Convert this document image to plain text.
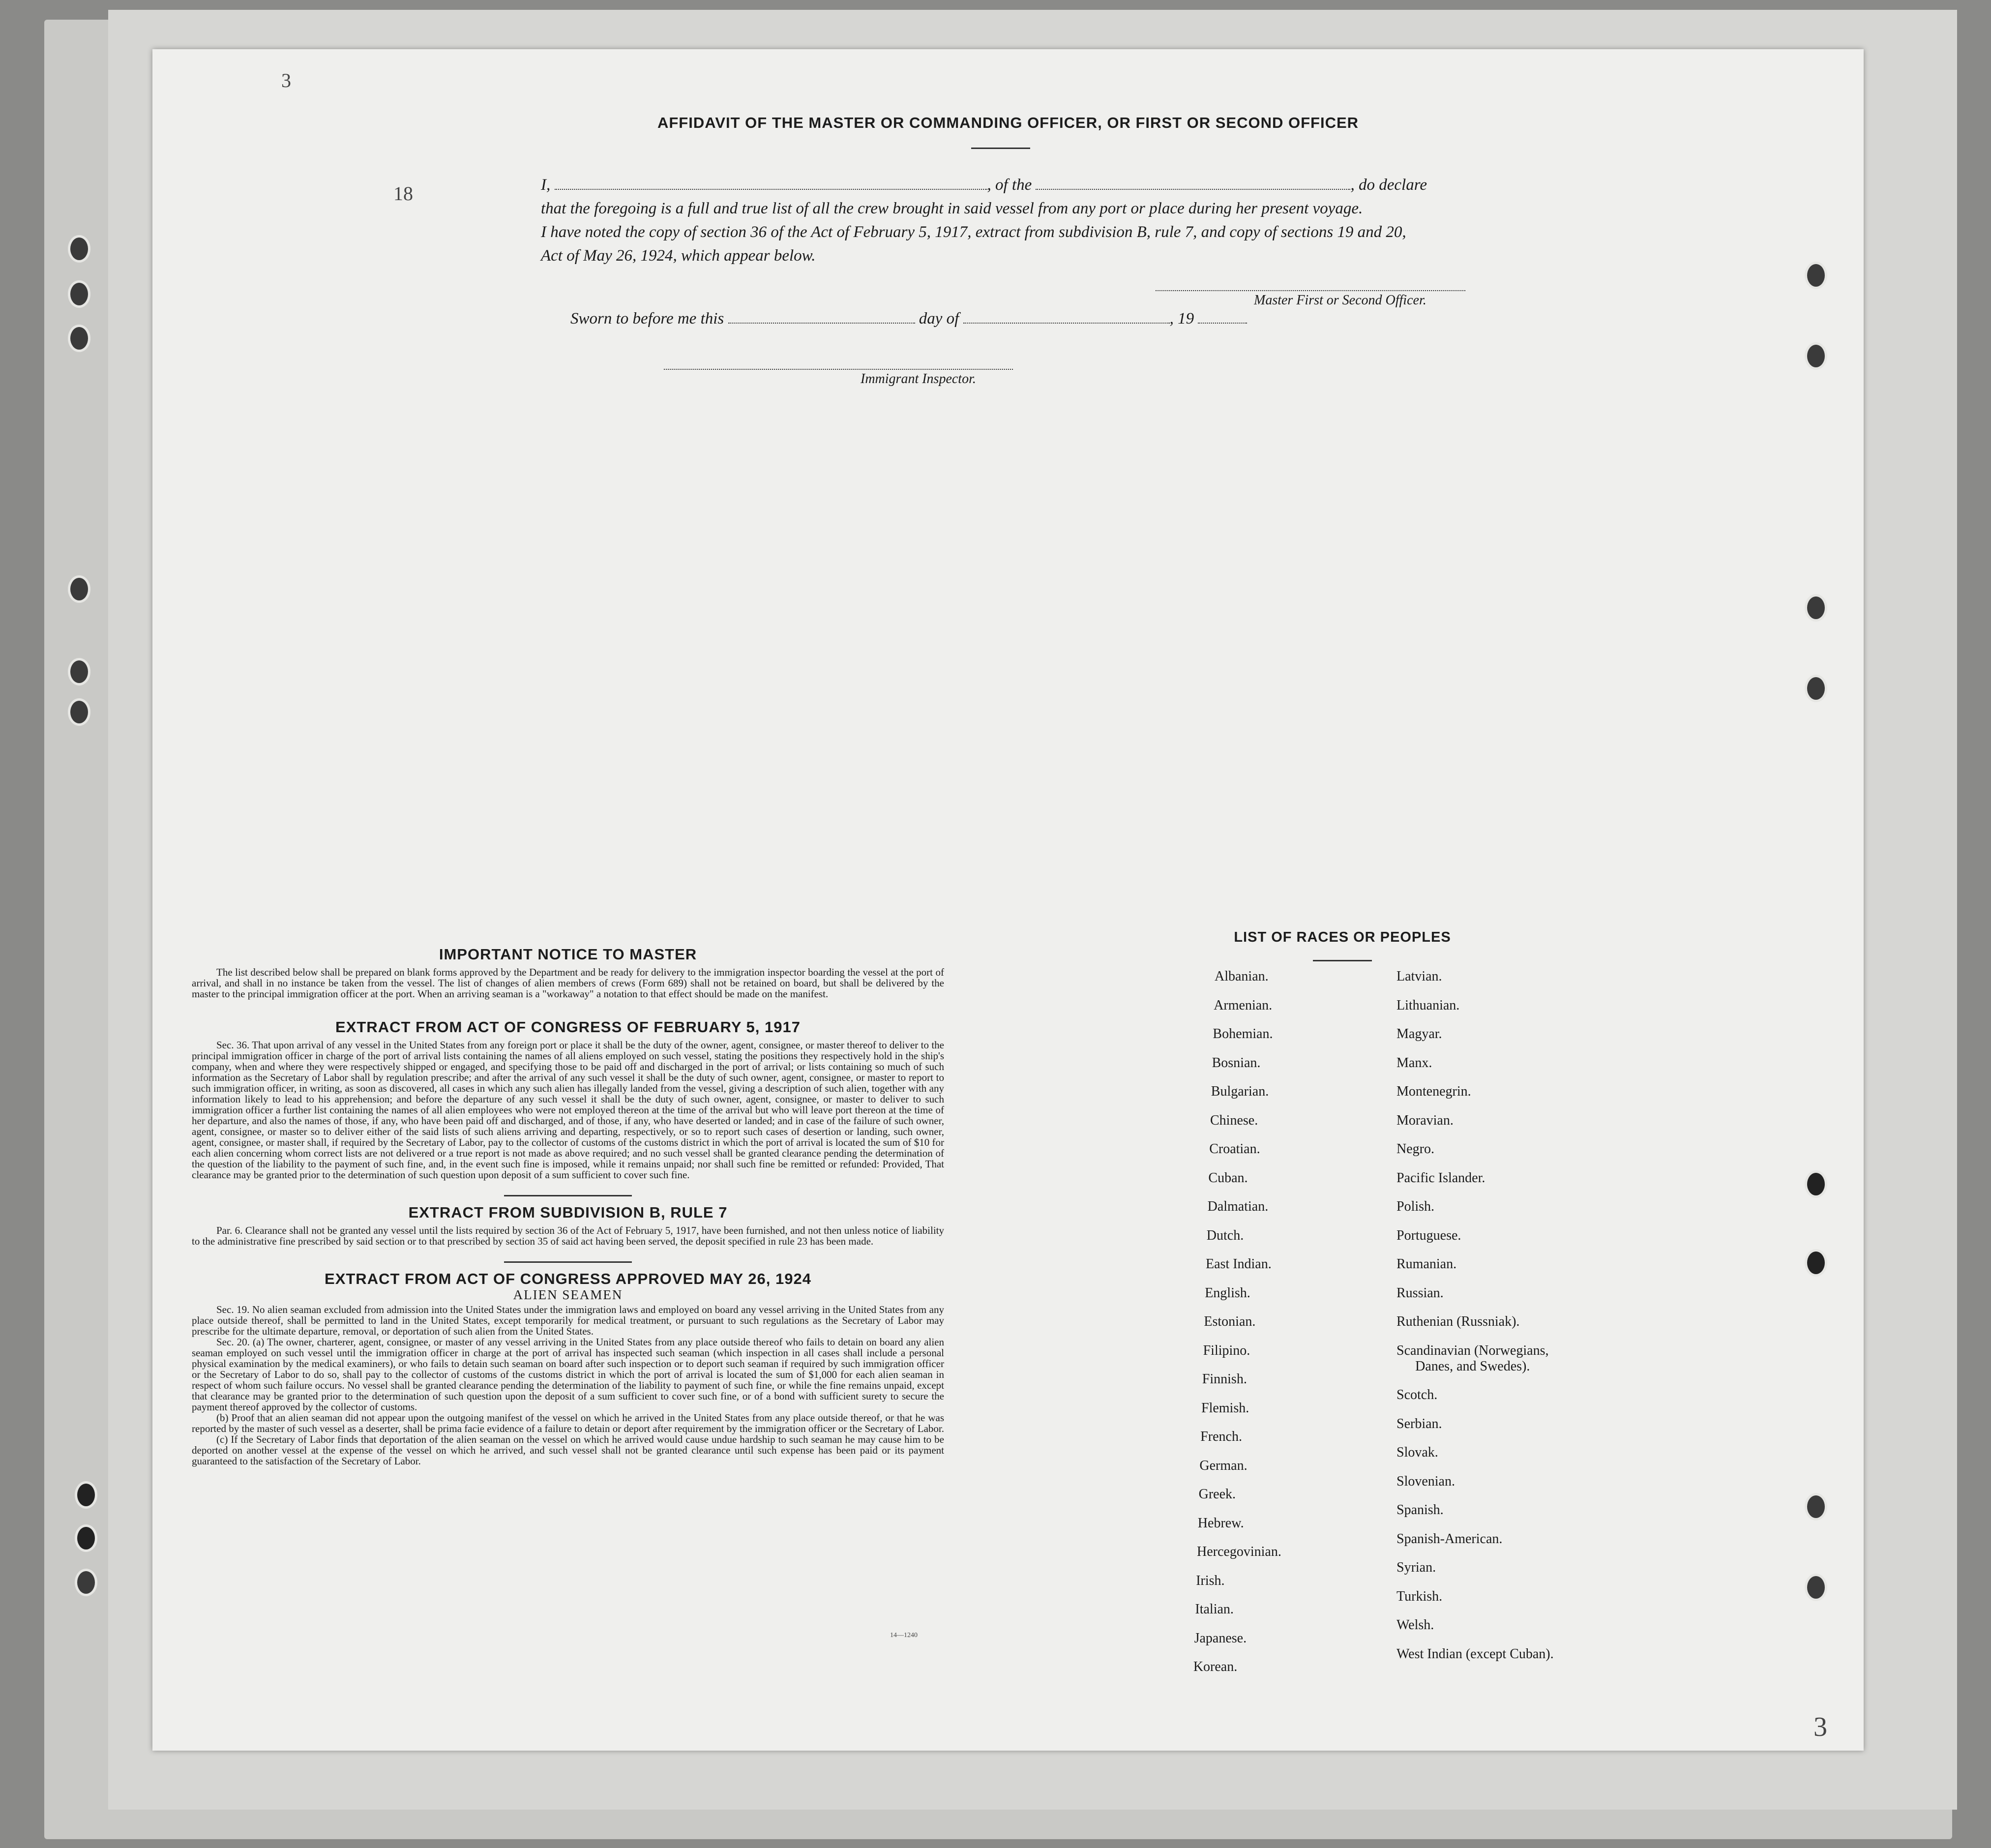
3
18
3
AFFIDAVIT OF THE MASTER OR COMMANDING OFFICER, OR FIRST OR SECOND OFFICER
I,	, of the	, do declare
that the foregoing is a full and true list of all the crew brought in said vessel from any port or place during her present voyage.
I have noted the copy of section 36 of the Act of February 5, 1917, extract from subdivision B, rule 7, and copy of sections 19 and 20,
Act of May 26, 1924, which appear below.
Master First or Second Officer.
Sworn to before me this	day of	, 19
Immigrant Inspector.
IMPORTANT NOTICE TO MASTER

The list described below shall be prepared on blank forms approved by the Department and be ready for delivery to the immigration inspector boarding the vessel at the port of arrival, and shall in no instance be taken from the vessel. The list of changes of alien members of crews (Form 689) shall not be retained on board, but shall be delivered by the master to the principal immigration officer at the port. When an arriving seaman is a "workaway" a notation to that effect should be made on the manifest.

EXTRACT FROM ACT OF CONGRESS OF FEBRUARY 5, 1917

Sec. 36. That upon arrival of any vessel in the United States from any foreign port or place it shall be the duty of the owner, agent, consignee, or master thereof to deliver to the principal immigration officer in charge of the port of arrival lists containing the names of all aliens employed on such vessel, stating the positions they respectively hold in the ship's company, when and where they were respectively shipped or engaged, and specifying those to be paid off and discharged in the port of arrival; or lists containing so much of such information as the Secretary of Labor shall by regulation prescribe; and after the arrival of any such vessel it shall be the duty of such owner, agent, consignee, or master to report to such immigration officer, in writing, as soon as discovered, all cases in which any such alien has illegally landed from the vessel, giving a description of such alien, together with any information likely to lead to his apprehension; and before the departure of any such vessel it shall be the duty of such owner, agent, consignee, or master to deliver to such immigration officer a further list containing the names of all alien employees who were not employed thereon at the time of the arrival but who will leave port thereon at the time of her departure, and also the names of those, if any, who have been paid off and discharged, and of those, if any, who have deserted or landed; and in case of the failure of such owner, agent, consignee, or master so to deliver either of the said lists of such aliens arriving and departing, respectively, or so to report such cases of desertion or landing, such owner, agent, consignee, or master shall, if required by the Secretary of Labor, pay to the collector of customs of the customs district in which the port of arrival is located the sum of $10 for each alien concerning whom correct lists are not delivered or a true report is not made as above required; and no such vessel shall be granted clearance pending the determination of the question of the liability to the payment of such fine, and, in the event such fine is imposed, while it remains unpaid; nor shall such fine be remitted or refunded: Provided, That clearance may be granted prior to the determination of such question upon deposit of a sum sufficient to cover such fine.

EXTRACT FROM SUBDIVISION B, RULE 7

Par. 6. Clearance shall not be granted any vessel until the lists required by section 36 of the Act of February 5, 1917, have been furnished, and not then unless notice of liability to the administrative fine prescribed by said section or to that prescribed by section 35 of said act having been served, the deposit specified in rule 23 has been made.

EXTRACT FROM ACT OF CONGRESS APPROVED MAY 26, 1924
ALIEN SEAMEN

Sec. 19. No alien seaman excluded from admission into the United States under the immigration laws and employed on board any vessel arriving in the United States from any place outside thereof, shall be permitted to land in the United States, except temporarily for medical treatment, or pursuant to such regulations as the Secretary of Labor may prescribe for the ultimate departure, removal, or deportation of such alien from the United States.

Sec. 20. (a) The owner, charterer, agent, consignee, or master of any vessel arriving in the United States from any place outside thereof who fails to detain on board any alien seaman employed on such vessel until the immigration officer in charge at the port of arrival has inspected such seaman (which inspection in all cases shall include a personal physical examination by the medical examiners), or who fails to detain such seaman on board after such inspection or to deport such seaman if required by such immigration officer or the Secretary of Labor to do so, shall pay to the collector of customs of the customs district in which the port of arrival is located the sum of $1,000 for each alien seaman in respect of whom such failure occurs. No vessel shall be granted clearance pending the determination of the liability to payment of such fine, or while the fine remains unpaid, except that clearance may be granted prior to the determination of such question upon the deposit of a sum sufficient to cover such fine, or of a bond with sufficient surety to secure the payment thereof approved by the collector of customs.

(b) Proof that an alien seaman did not appear upon the outgoing manifest of the vessel on which he arrived in the United States from any place outside thereof, or that he was reported by the master of such vessel as a deserter, shall be prima facie evidence of a failure to detain or deport after requirement by the immigration officer or the Secretary of Labor.

(c) If the Secretary of Labor finds that deportation of the alien seaman on the vessel on which he arrived would cause undue hardship to such seaman he may cause him to be deported on another vessel at the expense of the vessel on which he arrived, and such vessel shall not be granted clearance until such expense has been paid or its payment guaranteed to the satisfaction of the Secretary of Labor.

14—1240
LIST OF RACES OR PEOPLES
Albanian.
Armenian.
Bohemian.
Bosnian.
Bulgarian.
Chinese.
Croatian.
Cuban.
Dalmatian.
Dutch.
East Indian.
English.
Estonian.
Filipino.
Finnish.
Flemish.
French.
German.
Greek.
Hebrew.
Hercegovinian.
Irish.
Italian.
Japanese.
Korean.
Latvian.
Lithuanian.
Magyar.
Manx.
Montenegrin.
Moravian.
Negro.
Pacific Islander.
Polish.
Portuguese.
Rumanian.
Russian.
Ruthenian (Russniak).
Scandinavian (Norwegians,
Danes, and Swedes).
Scotch.
Serbian.
Slovak.
Slovenian.
Spanish.
Spanish-American.
Syrian.
Turkish.
Welsh.
West Indian (except Cuban).
